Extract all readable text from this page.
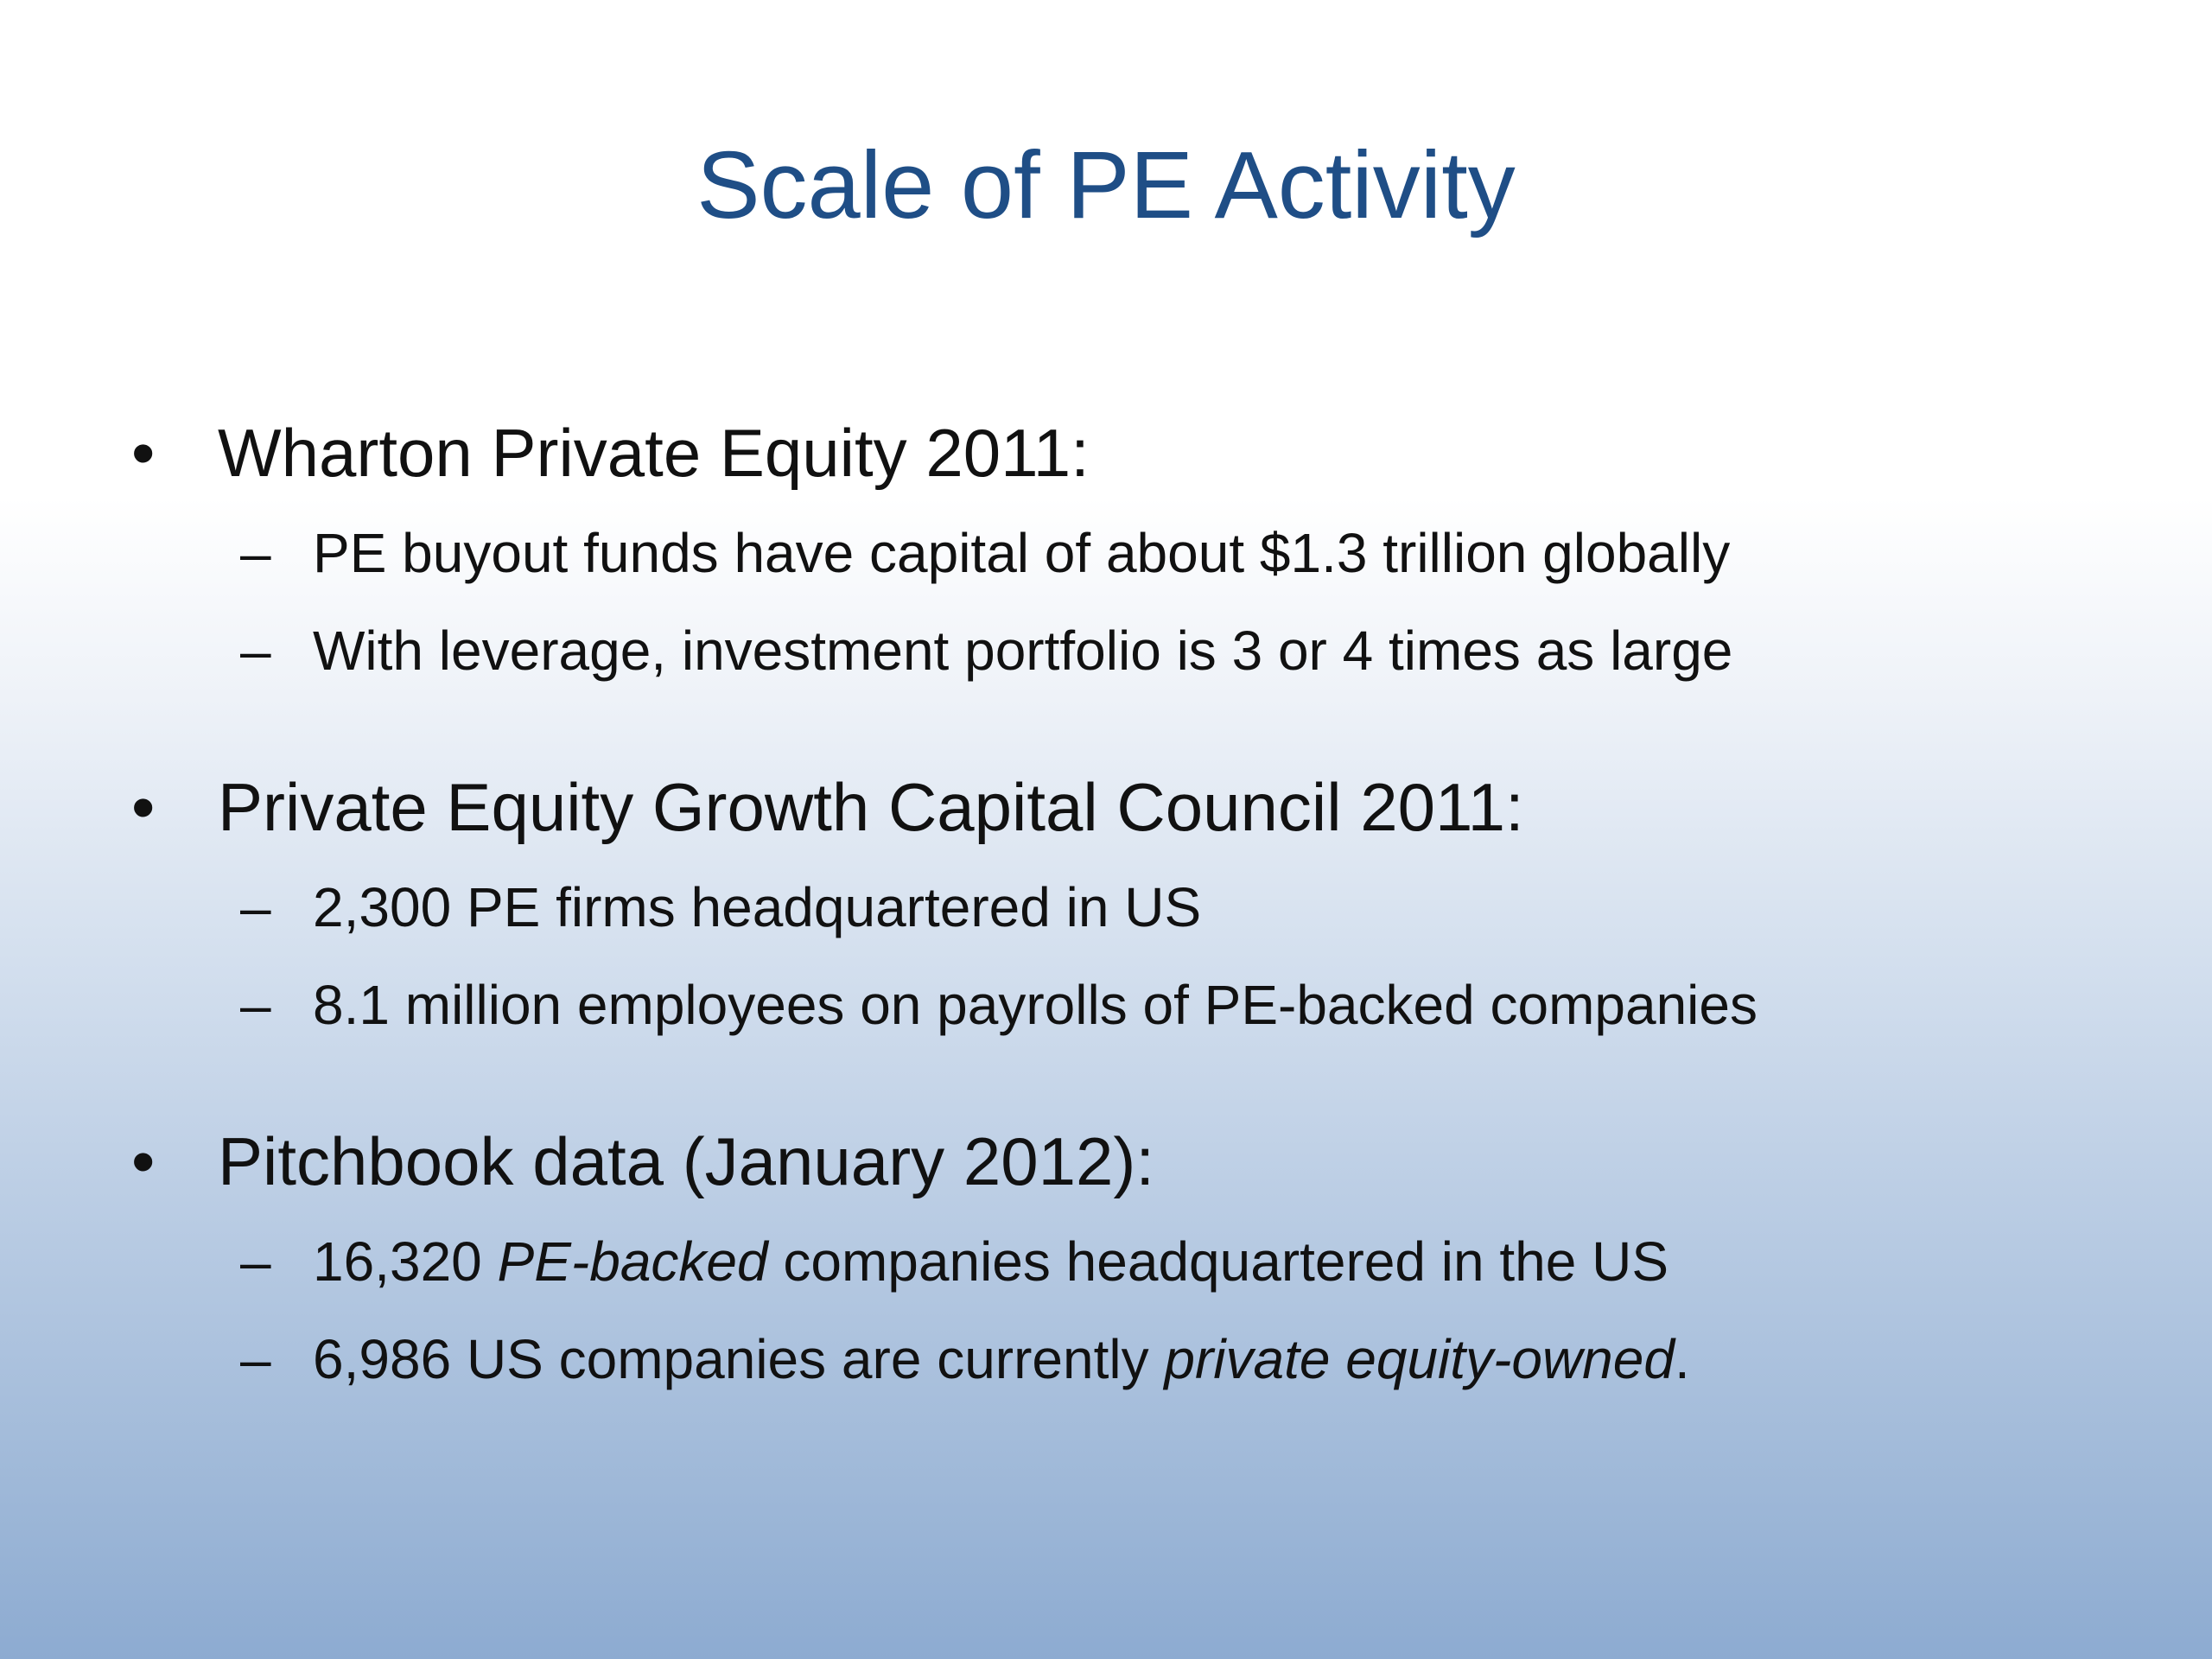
Scale of PE Activity
• Wharton Private Equity 2011:
– PE buyout funds have capital of about $1.3 trillion globally
– With leverage, investment portfolio is 3 or 4 times as large
• Private Equity Growth Capital Council 2011:
– 2,300 PE firms headquartered in US
– 8.1 million employees on payrolls of PE-backed companies
• Pitchbook data (January 2012):
– 16,320 PE-backed companies headquartered in the US
– 6,986 US companies are currently private equity-owned.
